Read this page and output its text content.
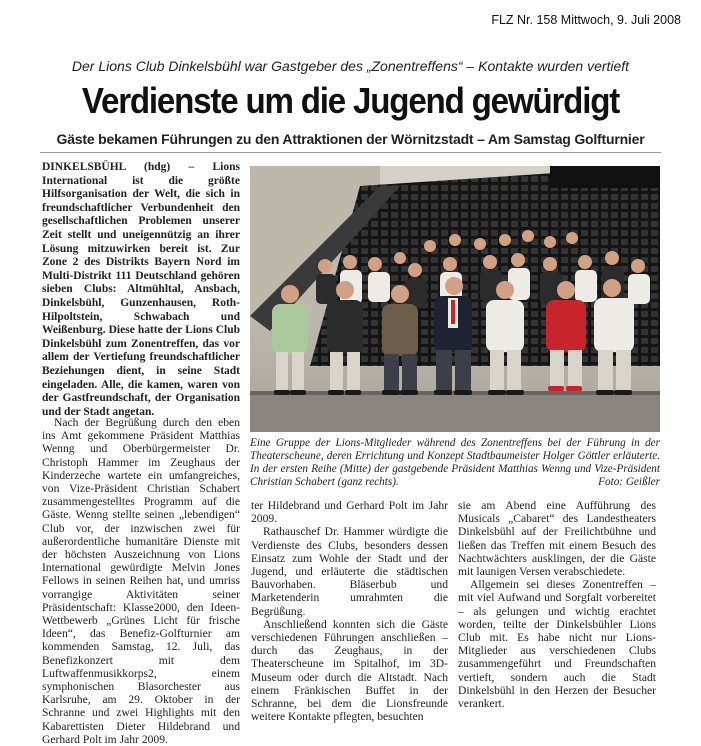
FLZ Nr. 158 Mittwoch, 9. Juli 2008
Der Lions Club Dinkelsbühl war Gastgeber des „Zonentreffens“ – Kontakte wurden vertieft
Verdienste um die Jugend gewürdigt
Gäste bekamen Führungen zu den Attraktionen der Wörnitzstadt – Am Samstag Golfturnier

DINKELSBÜHL (hdg) – Lions International ist die größte Hilfsorganisation der Welt, die sich in freundschaftlicher Verbundenheit den gesellschaftlichen Problemen unserer Zeit stellt und uneigennützig an ihrer Lösung mitzuwirken bereit ist. Zur Zone 2 des Distrikts Bayern Nord im Multi-Distrikt 111 Deutschland gehören sieben Clubs: Altmühltal, Ansbach, Dinkelsbühl, Gunzenhausen, Roth-Hilpoltstein, Schwabach und Weißenburg. Diese hatte der Lions Club Dinkelsbühl zum Zonentreffen, das vor allem der Vertiefung freundschaftlicher Beziehungen dient, in seine Stadt eingeladen. Alle, die kamen, waren von der Gastfreundschaft, der Organisation und der Stadt angetan.

Nach der Begrüßung durch den eben ins Amt gekommene Präsident Matthias Wenng und Oberbürgermeister Dr. Christoph Hammer im Zeughaus der Kinderzeche wartete ein umfangreiches, von Vize-Präsident Christian Schabert zusammengestelltes Programm auf die Gäste. Wenng stellte seinen „lebendigen“ Club vor, der inzwischen zwei für außerordentliche humanitäre Dienste mit der höchsten Auszeichnung von Lions International gewürdigte Melvin Jones Fellows in seinen Reihen hat, und umriss vorrangige Aktivitäten seiner Präsidentschaft: Klasse2000, den Ideen-Wettbewerb „Grünes Licht für frische Ideen“, das Benefiz-Golfturnier am kommenden Samstag, 12. Juli, das Benefizkonzert mit dem Luftwaffenmusikkorps2, einem symphonischen Blasorchester aus Karlsruhe, am 29. Oktober in der Schranne und zwei Highlights mit den Kabarettisten Dieter Hildebrand und Gerhard Polt im Jahr 2009.

Eine Gruppe der Lions-Mitglieder während des Zonentreffens bei der Führung in der Theaterscheune, deren Errichtung und Konzept Stadtbaumeister Holger Göttler erläuterte. In der ersten Reihe (Mitte) der gastgebende Präsident Matthias Wenng und Vize-Präsident Christian Schabert (ganz rechts).	Foto: Geißler

ter Hildebrand und Gerhard Polt im Jahr 2009.

Rathauschef Dr. Hammer würdigte die Verdienste des Clubs, besonders dessen Einsatz zum Wohle der Stadt und der Jugend, und erläuterte die städtischen Bauvorhaben. Bläserbub und Marketenderin umrahmten die Begrüßung.

Anschließend konnten sich die Gäste verschiedenen Führungen anschließen – durch das Zeughaus, in der Theaterscheune im Spitalhof, im 3D-Museum oder durch die Altstadt. Nach einem Fränkischen Buffet in der Schranne, bei dem die Lionsfreunde weitere Kontakte pflegten, besuchten

sie am Abend eine Aufführung des Musicals „Cabaret“ des Landestheaters Dinkelsbühl auf der Freilichtbühne und ließen das Treffen mit einem Besuch des Nachtwächters ausklingen, der die Gäste mit launigen Versen verabschiedete.

Allgemein sei dieses Zonentreffen – mit viel Aufwand und Sorgfalt vorbereitet – als gelungen und wichtig erachtet worden, teilte der Dinkelsbühler Lions Club mit. Es habe nicht nur Lions-Mitglieder aus verschiedenen Clubs zusammengeführt und Freundschaften vertieft, sondern auch die Stadt Dinkelsbühl in den Herzen der Besucher verankert.
